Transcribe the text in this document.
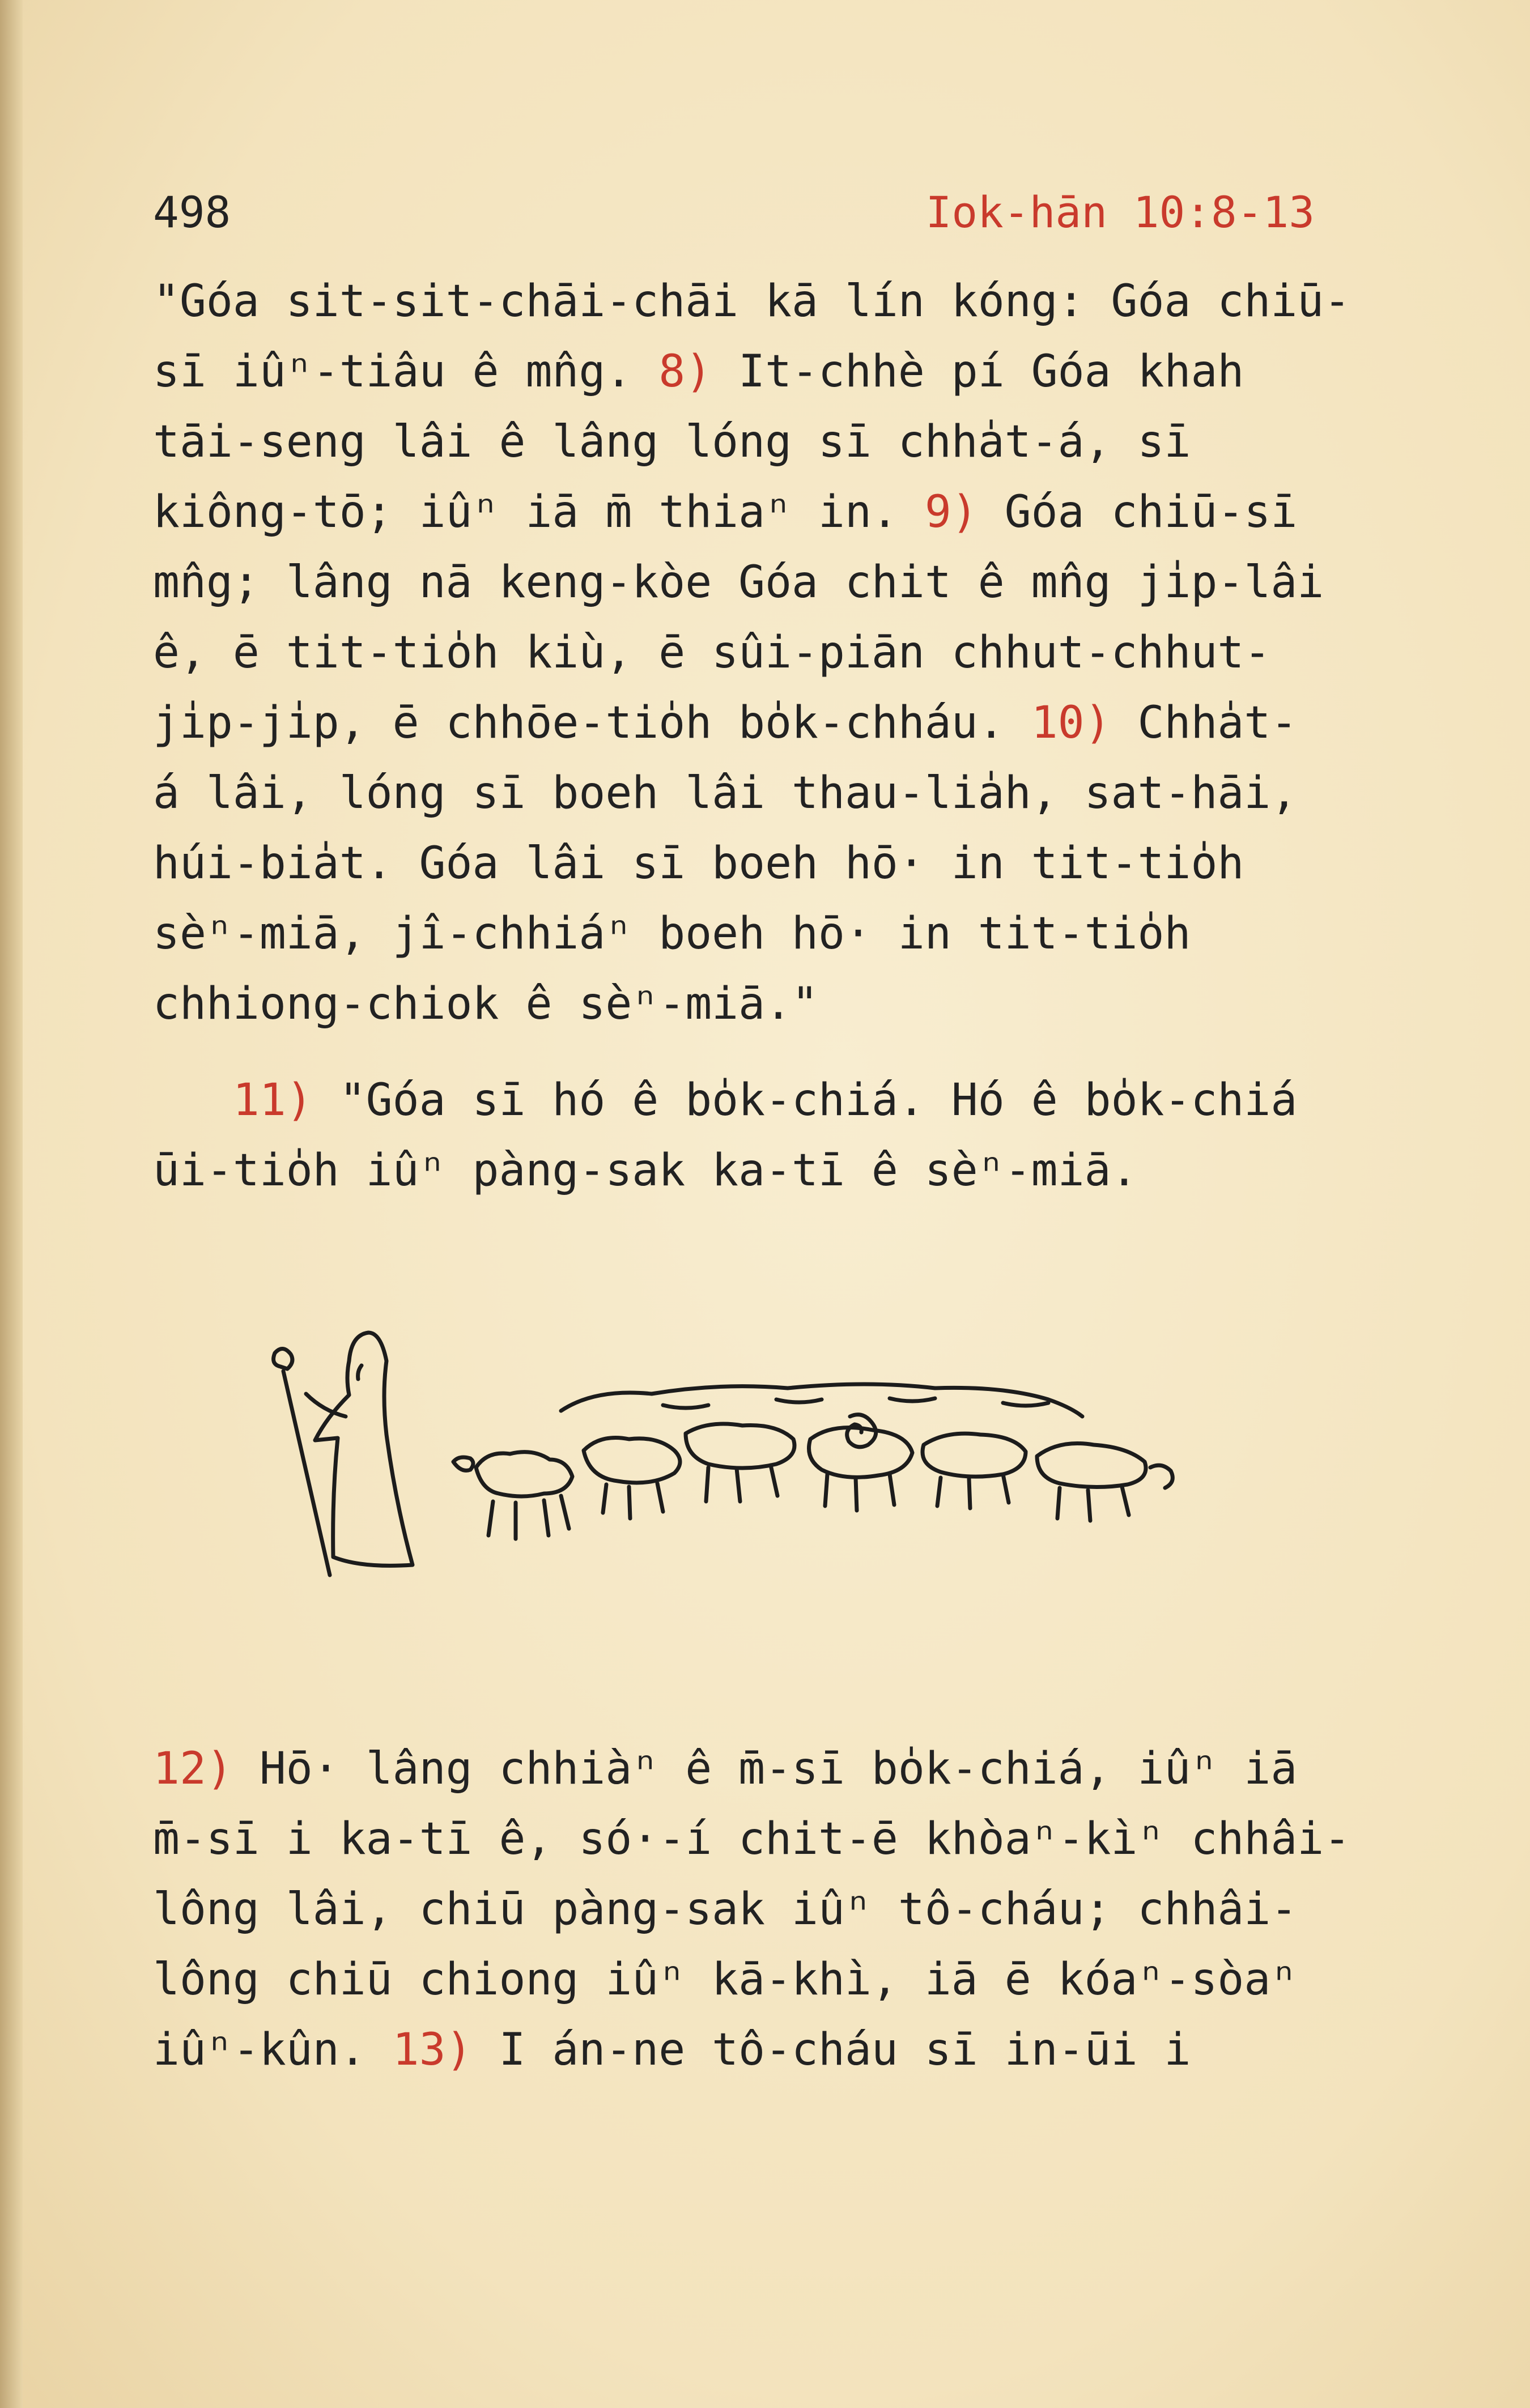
498	Iok-hān 10:8-13
"Góa sit-sit-chāi-chāi kā lín kóng: Góa chiū-
sī iûⁿ-tiâu ê mn̂g. 8) It-chhè pí Góa khah
tāi-seng lâi ê lâng lóng sī chha̍t-á, sī
kiông-tō; iûⁿ iā m̄ thiaⁿ in. 9) Góa chiū-sī
mn̂g; lâng nā keng-kòe Góa chit ê mn̂g ji̍p-lâi
ê, ē tit-tio̍h kiù, ē sûi-piān chhut-chhut-
ji̍p-ji̍p, ē chhōe-tio̍h bo̍k-chháu. 10) Chha̍t-
á lâi, lóng sī boeh lâi thau-lia̍h, sat-hāi,
húi-bia̍t. Góa lâi sī boeh hō· in tit-tio̍h
sèⁿ-miā, jî-chhiáⁿ boeh hō· in tit-tio̍h
chhiong-chiok ê sèⁿ-miā."
11) "Góa sī hó ê bo̍k-chiá. Hó ê bo̍k-chiá
ūi-tio̍h iûⁿ pàng-sak ka-tī ê sèⁿ-miā.
12) Hō· lâng chhiàⁿ ê m̄-sī bo̍k-chiá, iûⁿ iā
m̄-sī i ka-tī ê, só·-í chit-ē khòaⁿ-kìⁿ chhâi-
lông lâi, chiū pàng-sak iûⁿ tô-cháu; chhâi-
lông chiū chiong iûⁿ kā-khì, iā ē kóaⁿ-sòaⁿ
iûⁿ-kûn. 13) I án-ne tô-cháu sī in-ūi i
